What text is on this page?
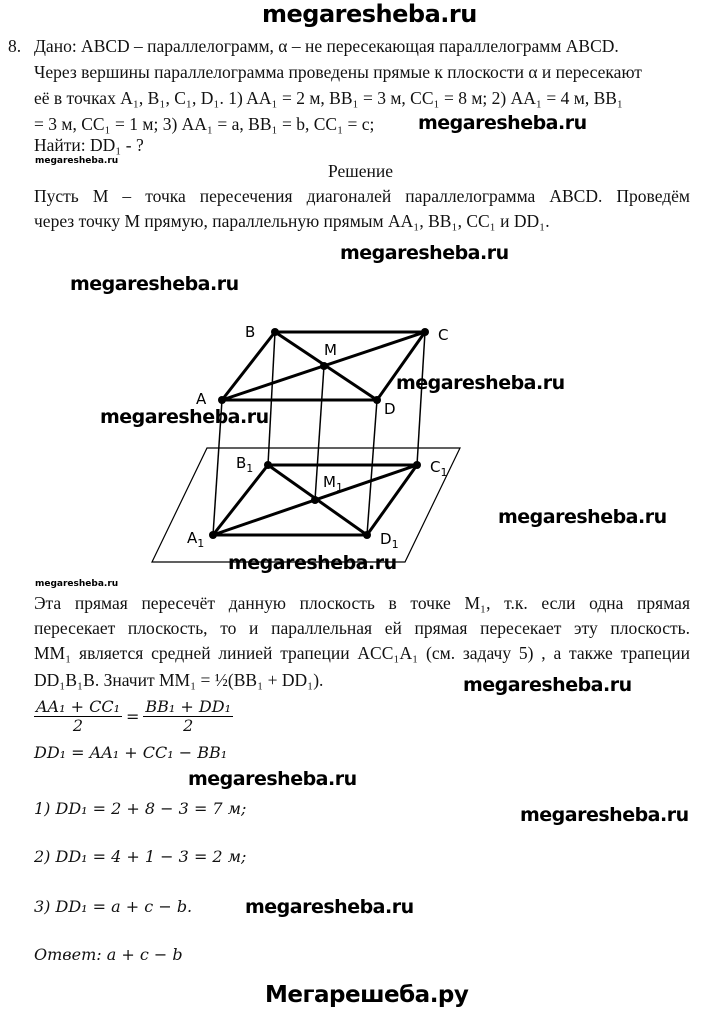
megaresheba.ru
8. Дано: ABCD – параллелограмм, α – не пересекающая параллелограмм ABCD.
Через вершины параллелограмма проведены прямые к плоскости α и пересекают
её в точках A₁, B₁, C₁, D₁. 1) AA₁ = 2 м, BB₁ = 3 м, CC₁ = 8 м; 2) AA₁ = 4 м, BB₁
= 3 м, CC₁ = 1 м; 3) AA₁ = a, BB₁ = b, CC₁ = c; megaresheba.ru
Найти: DD₁ - ?
megaresheba.ru	Решение
Пусть M – точка пересечения диагоналей параллелограмма ABCD. Проведём
через точку M прямую, параллельную прямым AA₁, BB₁, CC₁ и DD₁.
megaresheba.ru
megaresheba.ru
B	C
A
D
M
$B_1$	$C_1$
$A_1$	$D_1$
$M_1$
megaresheba.ru
megaresheba.ru
megaresheba.ru
megaresheba.ru
megaresheba.ru
Эта прямая пересечёт данную плоскость в точке M₁, т.к. если одна прямая
пересекает плоскость, то и параллельная ей прямая пересекает эту плоскость.
MM₁ является средней линией трапеции ACC₁A₁ (см. задачу 5) , а также трапеции
DD₁B₁B. Значит MM₁ = ½(BB₁ + DD₁).	megaresheba.ru
$\frac{\text{AA₁ + CC₁}}{2} = \frac{\text{BB₁ + DD₁}}{2}$
DD₁ = AA₁ + CC₁ − BB₁
megaresheba.ru
1) DD₁ = 2 + 8 − 3 = 7 м;	megaresheba.ru
2) DD₁ = 4 + 1 − 3 = 2 м;
3) DD₁ = a + c − b.	megaresheba.ru
Ответ: a + c − b
Мегарешеба.ру
